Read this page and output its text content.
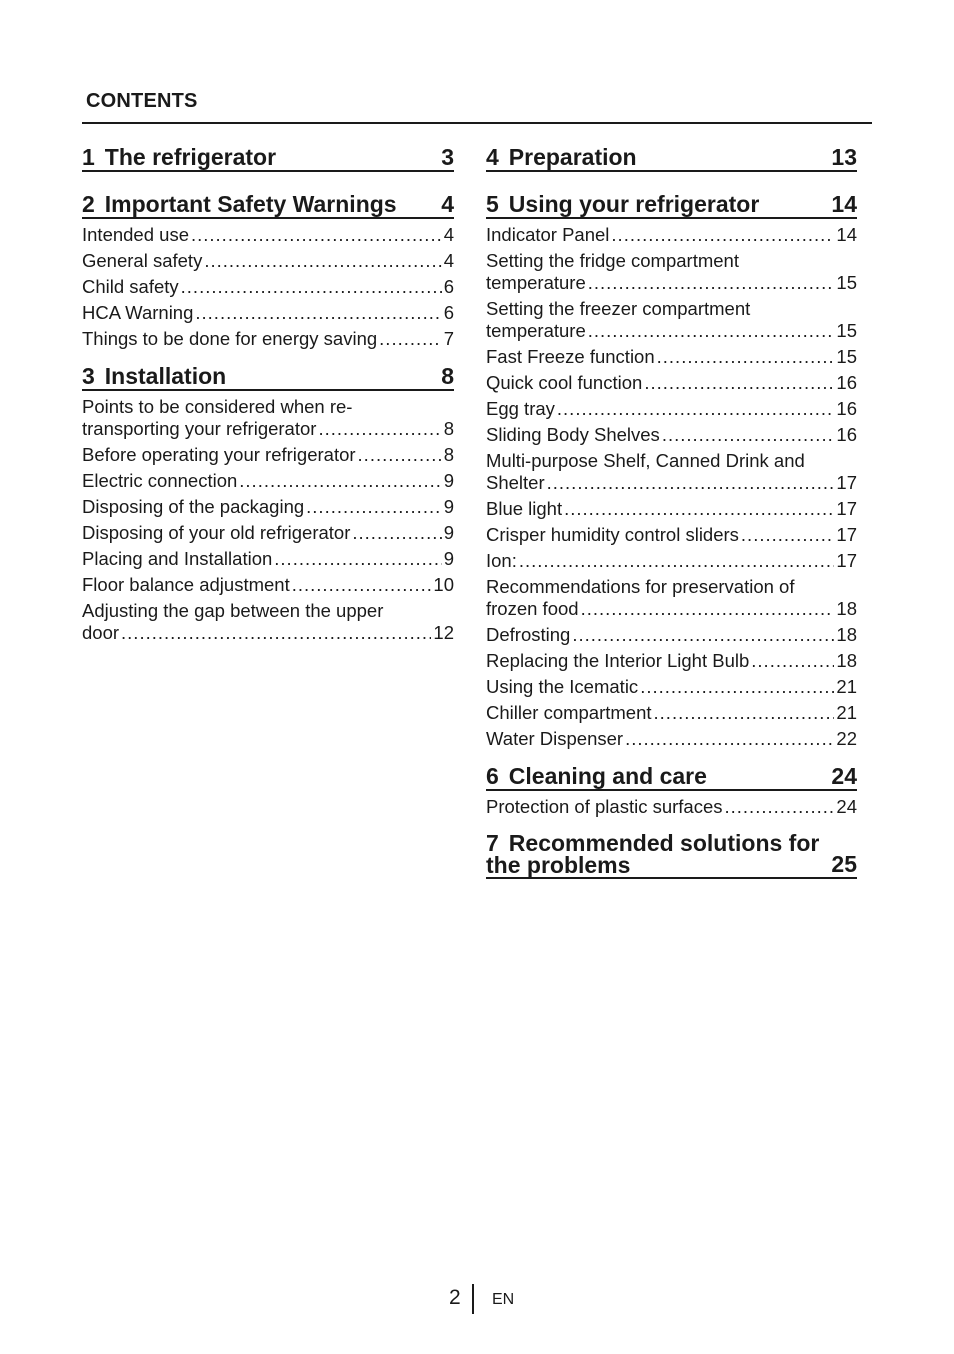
CONTENTS
1 The refrigerator	3
2 Important Safety Warnings 4
Intended use .....	4
General safety .....	4
Child safety .....	6
HCA Warning .....	6
Things to be done for energy saving .....	7
3 Installation	8
Points to be considered when re-
transporting your refrigerator .....	8
Before operating your refrigerator .....	8
Electric connection .....	9
Disposing of the packaging .....	9
Disposing of your old refrigerator .....	9
Placing and Installation .....	9
Floor balance adjustment .....	10
Adjusting the gap between the upper
door .....	12
4 Preparation	13
5 Using your refrigerator	14
Indicator Panel .....	14
Setting the fridge compartment
temperature .....	15
Setting the freezer compartment
temperature .....	15
Fast Freeze function .....	15
Quick cool function .....	16
Egg tray .....	16
Sliding Body Shelves .....	16
Multi-purpose Shelf, Canned Drink and
Shelter .....	17
Blue light .....	17
Crisper humidity control sliders .....	17
Ion: .....	17
Recommendations for preservation of
frozen food .....	18
Defrosting .....	18
Replacing the Interior Light Bulb .....	18
Using the Icematic .....	21
Chiller compartment .....	21
Water Dispenser .....	22
6 Cleaning and care	24
Protection of plastic surfaces .....	24
7 Recommended solutions for the problems	25
2 EN
